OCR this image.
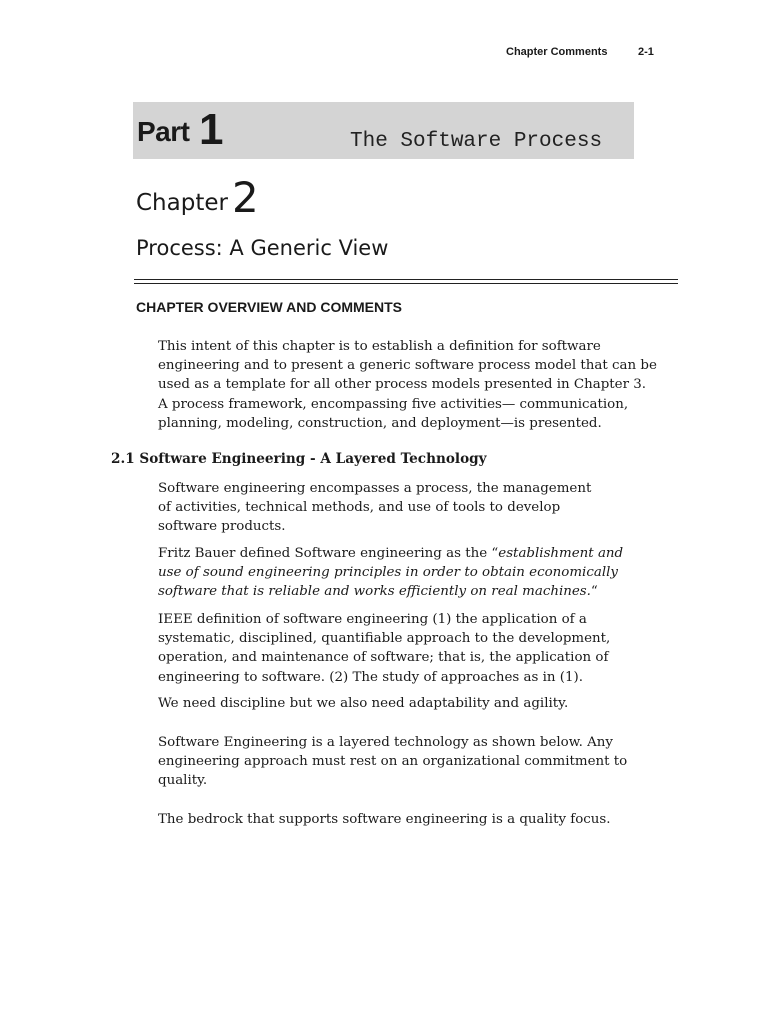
Chapter Comments	2-1
Part 1	The Software Process
Chapter 2
Process: A Generic View
CHAPTER OVERVIEW AND COMMENTS

This intent of this chapter is to establish a definition for software engineering and to present a generic software process model that can be used as a template for all other process models presented in Chapter 3. A process framework, encompassing five activities— communication, planning, modeling, construction, and deployment—is presented.

2.1 Software Engineering - A Layered Technology

Software engineering encompasses a process, the management of activities, technical methods, and use of tools to develop software products.

Fritz Bauer defined Software engineering as the “establishment and use of sound engineering principles in order to obtain economically software that is reliable and works efficiently on real machines.“

IEEE definition of software engineering (1) the application of a systematic, disciplined, quantifiable approach to the development, operation, and maintenance of software; that is, the application of engineering to software. (2) The study of approaches as in (1).

We need discipline but we also need adaptability and agility.

Software Engineering is a layered technology as shown below. Any engineering approach must rest on an organizational commitment to quality.

The bedrock that supports software engineering is a quality focus.
